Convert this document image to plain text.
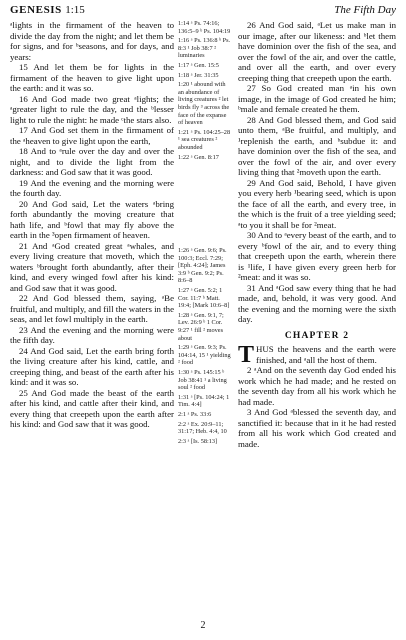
GENESIS 1:15	The Fifth Day

ᵃlights in the firmament of the heaven to divide the day from the night; and let them be for signs, and for ᵇseasons, and for days, and years:

15 And let them be for lights in the firmament of the heaven to give light upon the earth: and it was so.

16 And God made two great ᵃlights; the ᵃgreater light to rule the day, and the ᵇlesser light to rule the night: he made ᶜthe stars also.

17 And God set them in the firmament of the ᵃheaven to give light upon the earth,

18 And to ᵃrule over the day and over the night, and to divide the light from the darkness: and God saw that it was good.

19 And the evening and the morning were the fourth day.

20 And God said, Let the waters ᵃbring forth abundantly the moving creature that hath life, and ᵇfowl that may fly above the earth in the ³open firmament of heaven.

21 And ᵃGod created great ᵃwhales, and every living creature that moveth, which the waters ᵇbrought forth abundantly, after their kind, and every winged fowl after his kind: and God saw that it was good.

22 And God blessed them, saying, ᵃBe fruitful, and multiply, and fill the waters in the seas, and let fowl multiply in the earth.

23 And the evening and the morning were the fifth day.

24 And God said, Let the earth bring forth the living creature after his kind, cattle, and creeping thing, and beast of the earth after his kind: and it was so.

25 And God made the beast of the earth after his kind, and cattle after their kind, and every thing that creepeth upon the earth after his kind: and God saw that it was good.

1:14 ᵃ Ps. 74:16; 136:5–9 ᵇ Ps. 104:19
1:16 ᵃ Ps. 136:8 ᵇ Ps. 8:3 ¹ Job 38:7 ² luminaries
1:17 ᵃ Gen. 15:5
1:18 ᵃ Jer. 31:35
1:20 ¹ abound with an abundance of living creatures ² let birds fly ³ across the face of the expanse of heaven
1:21 ᵃ Ps. 104:25–28 ¹ sea creatures ² abounded
1:22 ᵃ Gen. 8:17
1:26 ᵃ Gen. 9:6; Ps. 100:3; Eccl. 7:29; [Eph. 4:24]; James 3:9 ᵇ Gen. 9:2; Ps. 8:6–8
1:27 ᵃ Gen. 5:2; 1 Cor. 11:7 ᵇ Matt. 19:4; [Mark 10:6–8]
1:28 ᵃ Gen. 9:1, 7; Lev. 26:9 ᵇ 1 Cor. 9:27 ¹ fill ² moves about
1:29 ᵃ Gen. 9:3; Ps. 104:14, 15 ¹ yielding ² food
1:30 ᵃ Ps. 145:15 ᵇ Job 38:41 ¹ a living soul ² food
1:31 ᵃ [Ps. 104:24; 1 Tim. 4:4]
2:1 ᵃ Ps. 33:6
2:2 ᵃ Ex. 20:9–11; 31:17; Heb. 4:4, 10
2:3 ᵃ [Is. 58:13]

26 And God said, ᵃLet us make man in our image, after our likeness: and ᵇlet them have dominion over the fish of the sea, and over the fowl of the air, and over the cattle, and over all the earth, and over every creeping thing that creepeth upon the earth.

27 So God created man ᵃin his own image, in the image of God created he him; ᵇmale and female created he them.

28 And God blessed them, and God said unto them, ᵃBe fruitful, and multiply, and ¹replenish the earth, and ᵇsubdue it: and have dominion over the fish of the sea, and over the fowl of the air, and over every living thing that ²moveth upon the earth.

29 And God said, Behold, I have given you every herb ¹bearing seed, which is upon the face of all the earth, and every tree, in the which is the fruit of a tree yielding seed; ᵃto you it shall be for ²meat.

30 And to ᵃevery beast of the earth, and to every ᵇfowl of the air, and to every thing that creepeth upon the earth, wherein there is ¹life, I have given every green herb for ²meat: and it was so.

31 And ᵃGod saw every thing that he had made, and, behold, it was very good. And the evening and the morning were the sixth day.

CHAPTER 2
T HUS the heavens and the earth were finished, and ᵃall the host of them.

2 ᵃAnd on the seventh day God ended his work which he had made; and he rested on the seventh day from all his work which he had made.

3 And God ᵃblessed the seventh day, and sanctified it: because that in it he had rested from all his work which God created and made.

2
